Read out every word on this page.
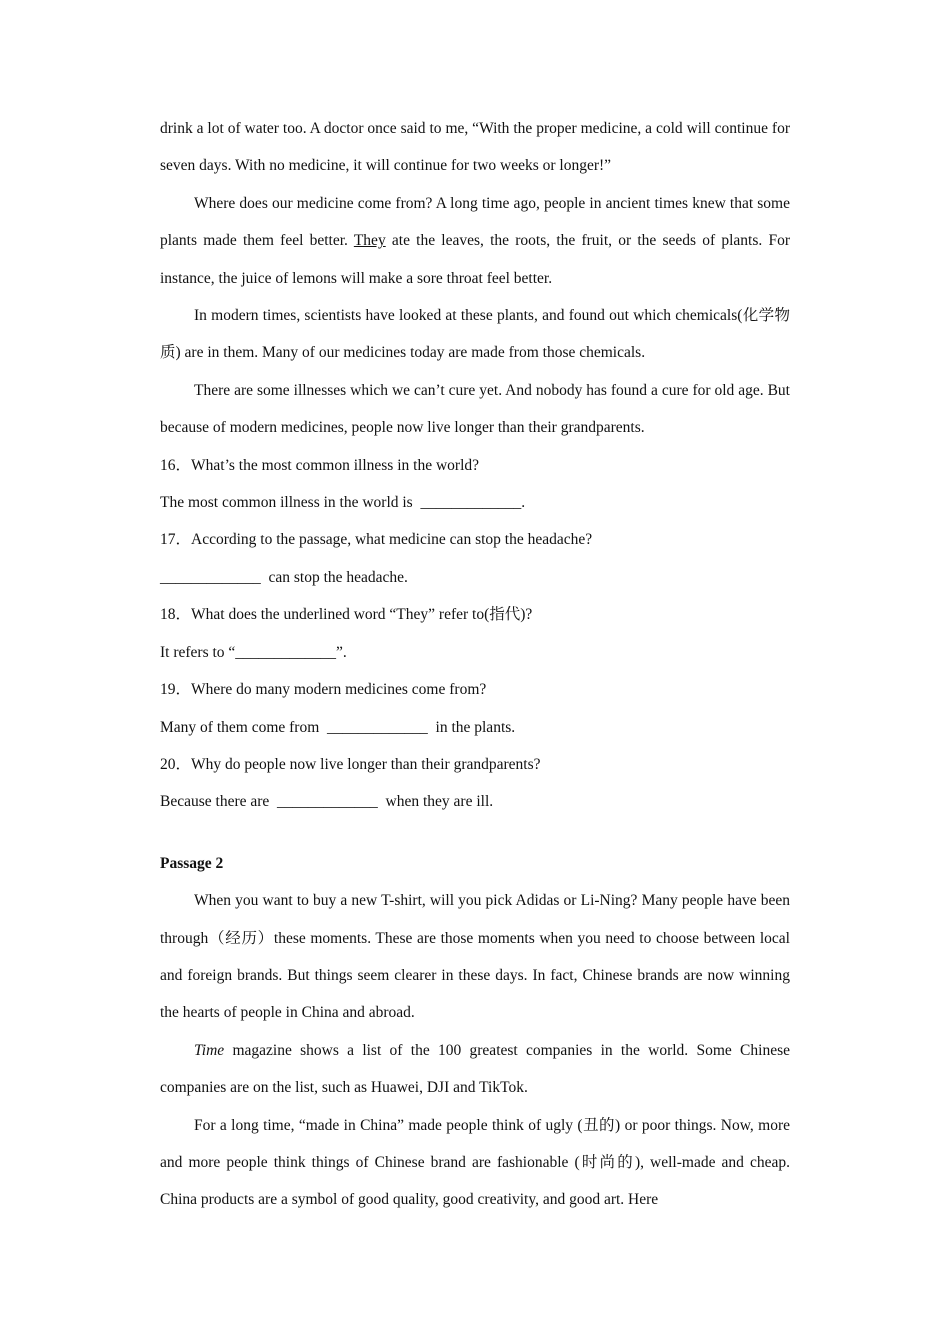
drink a lot of water too. A doctor once said to me, “With the proper medicine, a cold will continue for seven days. With no medicine, it will continue for two weeks or longer!”

Where does our medicine come from? A long time ago, people in ancient times knew that some plants made them feel better. They ate the leaves, the roots, the fruit, or the seeds of plants. For instance, the juice of lemons will make a sore throat feel better.

In modern times, scientists have looked at these plants, and found out which chemicals(化学物质) are in them. Many of our medicines today are made from those chemicals.

There are some illnesses which we can’t cure yet. And nobody has found a cure for old age. But because of modern medicines, people now live longer than their grandparents.

16．What’s the most common illness in the world?

The most common illness in the world is  _____________.

17．According to the passage, what medicine can stop the headache?

_____________  can stop the headache.

18．What does the underlined word “They” refer to(指代)?

It refers to “_____________”.

19．Where do many modern medicines come from?

Many of them come from  _____________  in the plants.

20．Why do people now live longer than their grandparents?

Because there are  _____________  when they are ill.

Passage 2

When you want to buy a new T-shirt, will you pick Adidas or Li-Ning? Many people have been through（经历）these moments. These are those moments when you need to choose between local and foreign brands. But things seem clearer in these days. In fact, Chinese brands are now winning the hearts of people in China and abroad.

Time magazine shows a list of the 100 greatest companies in the world. Some Chinese companies are on the list, such as Huawei, DJI and TikTok.

For a long time, “made in China” made people think of ugly (丑的) or poor things. Now, more and more people think things of Chinese brand are fashionable (时尚的), well-made and cheap. China products are a symbol of good quality, good creativity, and good art. Here
